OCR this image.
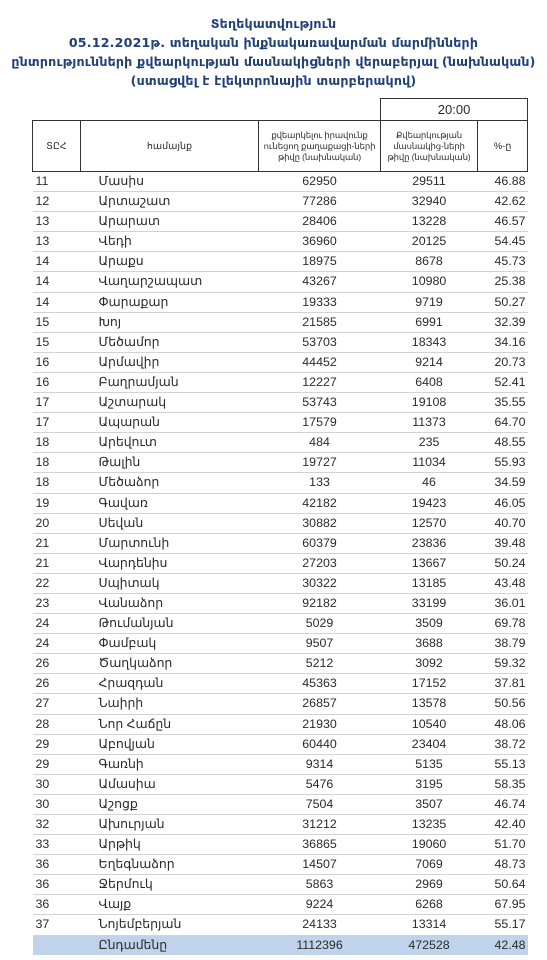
Տեղեկատվություն
05.12.2021թ. տեղական ինքնակառավարման մարմինների
ընտրությունների քվեարկության մասնակիցների վերաբերյալ (նախնական)
(ստացվել է էլեկտրոնային տարբերակով)
			20:00	
ՏԸՀ	համայնք	քվեարկելու իրավունք ունեցող քաղաքացի-ների թիվը (նախնական)	Քվեարկության մասնակից-ների թիվը (նախնական)	%-ը
11	Մասիս	62950	29511	46.88
12	Արտաշատ	77286	32940	42.62
13	Արարատ	28406	13228	46.57
13	Վեդի	36960	20125	54.45
14	Արաքս	18975	8678	45.73
14	Վաղարշապատ	43267	10980	25.38
14	Փարաքար	19333	9719	50.27
15	Խոյ	21585	6991	32.39
15	Մեծամոր	53703	18343	34.16
16	Արմավիր	44452	9214	20.73
16	Բաղրամյան	12227	6408	52.41
17	Աշտարակ	53743	19108	35.55
17	Ապարան	17579	11373	64.70
18	Արեվուտ	484	235	48.55
18	Թալին	19727	11034	55.93
18	Մեծաձոր	133	46	34.59
19	Գավառ	42182	19423	46.05
20	Սեվան	30882	12570	40.70
21	Մարտունի	60379	23836	39.48
21	Վարդենիս	27203	13667	50.24
22	Սպիտակ	30322	13185	43.48
23	Վանաձոր	92182	33199	36.01
24	Թումանյան	5029	3509	69.78
24	Փամբակ	9507	3688	38.79
26	Ծաղկաձոր	5212	3092	59.32
26	Հրազդան	45363	17152	37.81
27	Նաիրի	26857	13578	50.56
28	Նոր Հաճըն	21930	10540	48.06
29	Աբովյան	60440	23404	38.72
29	Գառնի	9314	5135	55.13
30	Ամասիա	5476	3195	58.35
30	Աշոցք	7504	3507	46.74
32	Ախուրյան	31212	13235	42.40
33	Արթիկ	36865	19060	51.70
36	Եղեգնաձոր	14507	7069	48.73
36	Ջերմուկ	5863	2969	50.64
36	Վայք	9224	6268	67.95
37	Նոյեմբերյան	24133	13314	55.17
	Ընդամենը	1112396	472528	42.48
